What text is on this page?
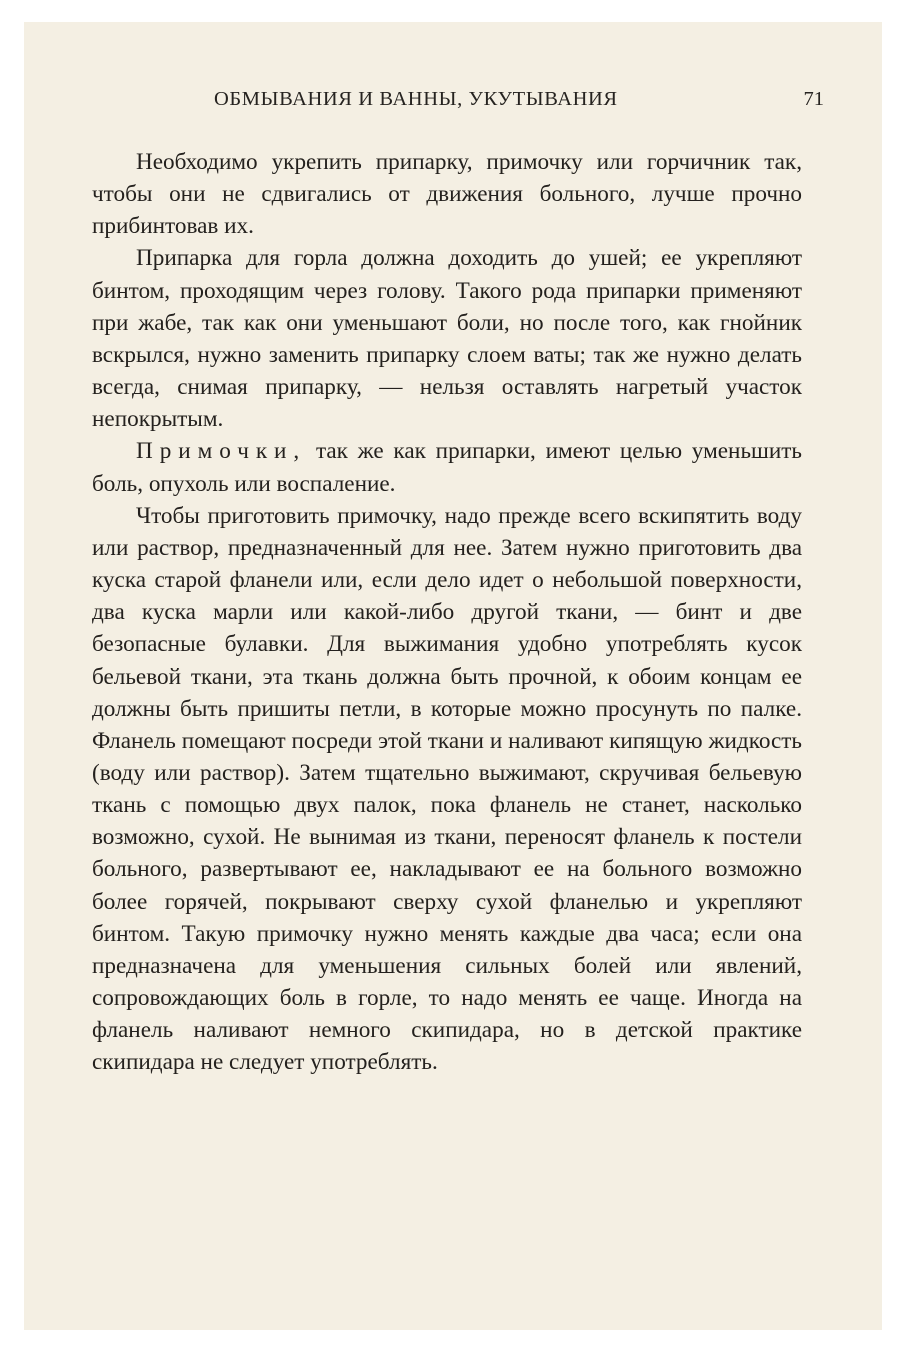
ОБМЫВАНИЯ И ВАННЫ, УКУТЫВАНИЯ	71

Необходимо укрепить припарку, примочку или горчичник так, чтобы они не сдвигались от движения больного, лучше прочно прибинтовав их.

Припарка для горла должна доходить до ушей; ее укрепляют бинтом, проходящим через голову. Такого рода припарки применяют при жабе, так как они уменьшают боли, но после того, как гнойник вскрылся, нужно заменить припарку слоем ваты; так же нужно делать всегда, снимая припарку, — нельзя оставлять нагретый участок непокрытым.

Примочки, так же как припарки, имеют целью уменьшить боль, опухоль или воспаление.

Чтобы приготовить примочку, надо прежде всего вскипятить воду или раствор, предназначенный для нее. Затем нужно приготовить два куска старой фланели или, если дело идет о небольшой поверхности, два куска марли или какой-либо другой ткани, — бинт и две безопасные булавки. Для выжимания удобно употреблять кусок бельевой ткани, эта ткань должна быть прочной, к обоим концам ее должны быть пришиты петли, в которые можно просунуть по палке. Фланель помещают посреди этой ткани и наливают кипящую жидкость (воду или раствор). Затем тщательно выжимают, скручивая бельевую ткань с помощью двух палок, пока фланель не станет, насколько возможно, сухой. Не вынимая из ткани, переносят фланель к постели больного, развертывают ее, накладывают ее на больного возможно более горячей, покрывают сверху сухой фланелью и укрепляют бинтом. Такую примочку нужно менять каждые два часа; если она предназначена для уменьшения сильных болей или явлений, сопровождающих боль в горле, то надо менять ее чаще. Иногда на фланель наливают немного скипидара, но в детской практике скипидара не следует употреблять.
